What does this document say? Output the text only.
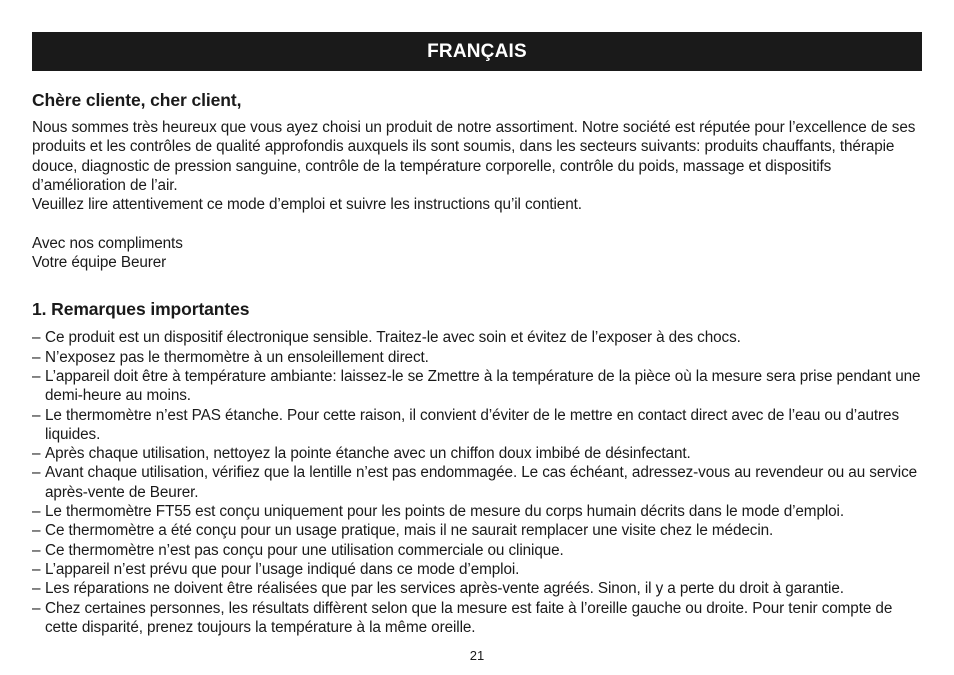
FRANÇAIS
Chère cliente, cher client,

Nous sommes très heureux que vous ayez choisi un produit de notre assortiment. Notre société est réputée pour l’excellence de ses produits et les contrôles de qualité approfondis auxquels ils sont soumis, dans les secteurs suivants: produits chauffants, thérapie douce, diagnostic de pression sanguine, contrôle de la température corporelle, contrôle du poids, massage et dispositifs d’amélioration de l’air.

Veuillez lire attentivement ce mode d’emploi et suivre les instructions qu’il contient.

Avec nos compliments

Votre équipe Beurer

1. Remarques importantes
– Ce produit est un dispositif électronique sensible. Traitez-le avec soin et évitez de l’exposer à des chocs.
– N’exposez pas le thermomètre à un ensoleillement direct.
– L’appareil doit être à température ambiante: laissez-le se Zmettre à la température de la pièce où la mesure sera prise pendant une demi-heure au moins.
– Le thermomètre n’est PAS étanche. Pour cette raison, il convient d’éviter de le mettre en contact direct avec de l’eau ou d’autres liquides.
– Après chaque utilisation, nettoyez la pointe étanche avec un chiffon doux imbibé de désinfectant.
– Avant chaque utilisation, vérifiez que la lentille n’est pas endommagée. Le cas échéant, adressez-vous au revendeur ou au service après-vente de Beurer.
– Le thermomètre FT55 est conçu uniquement pour les points de mesure du corps humain décrits dans le mode d’emploi.
– Ce thermomètre a été conçu pour un usage pratique, mais il ne saurait remplacer une visite chez le médecin.
– Ce thermomètre n’est pas conçu pour une utilisation commerciale ou clinique.
– L’appareil n’est prévu que pour l’usage indiqué dans ce mode d’emploi.
– Les réparations ne doivent être réalisées que par les services après-vente agréés. Sinon, il y a perte du droit à garantie.
– Chez certaines personnes, les résultats diffèrent selon que la mesure est faite à l’oreille gauche ou droite. Pour tenir compte de cette disparité, prenez toujours la température à la même oreille.
21
